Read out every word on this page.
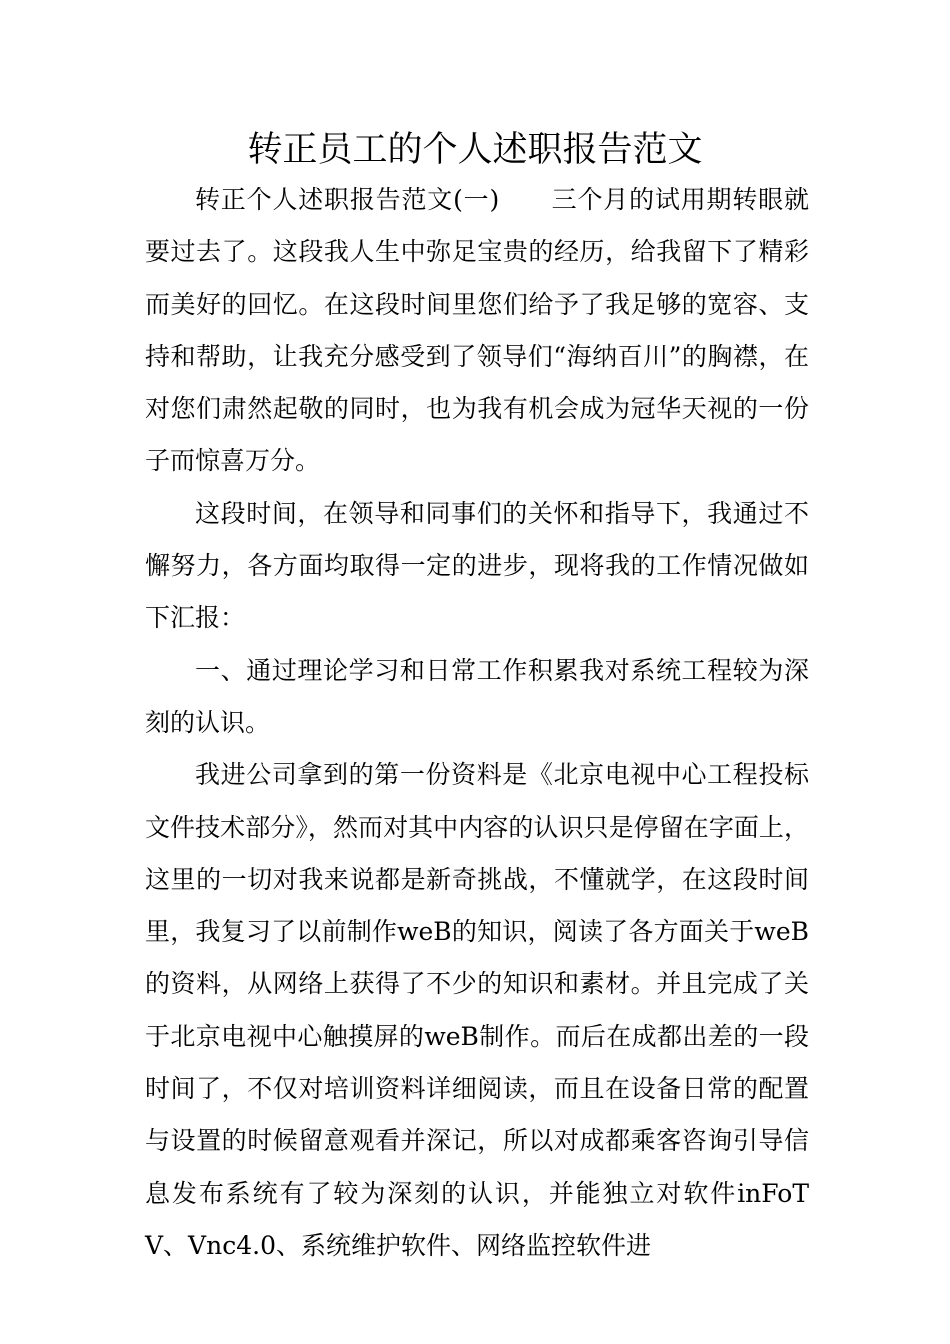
转正员工的个人述职报告范文

转正个人述职报告范文(一)　　三个月的试用期转眼就要过去了。这段我人生中弥足宝贵的经历，给我留下了精彩而美好的回忆。在这段时间里您们给予了我足够的宽容、支持和帮助，让我充分感受到了领导们“海纳百川”的胸襟，在对您们肃然起敬的同时，也为我有机会成为冠华天视的一份子而惊喜万分。

这段时间，在领导和同事们的关怀和指导下，我通过不懈努力，各方面均取得一定的进步，现将我的工作情况做如下汇报：

一、通过理论学习和日常工作积累我对系统工程较为深刻的认识。

我进公司拿到的第一份资料是《北京电视中心工程投标文件技术部分》，然而对其中内容的认识只是停留在字面上，这里的一切对我来说都是新奇挑战，不懂就学，在这段时间里，我复习了以前制作weB的知识，阅读了各方面关于weB的资料，从网络上获得了不少的知识和素材。并且完成了关于北京电视中心触摸屏的weB制作。而后在成都出差的一段时间了，不仅对培训资料详细阅读，而且在设备日常的配置与设置的时候留意观看并深记，所以对成都乘客咨询引导信息发布系统有了较为深刻的认识，并能独立对软件inFoTV、Vnc4.0、系统维护软件、网络监控软件进
